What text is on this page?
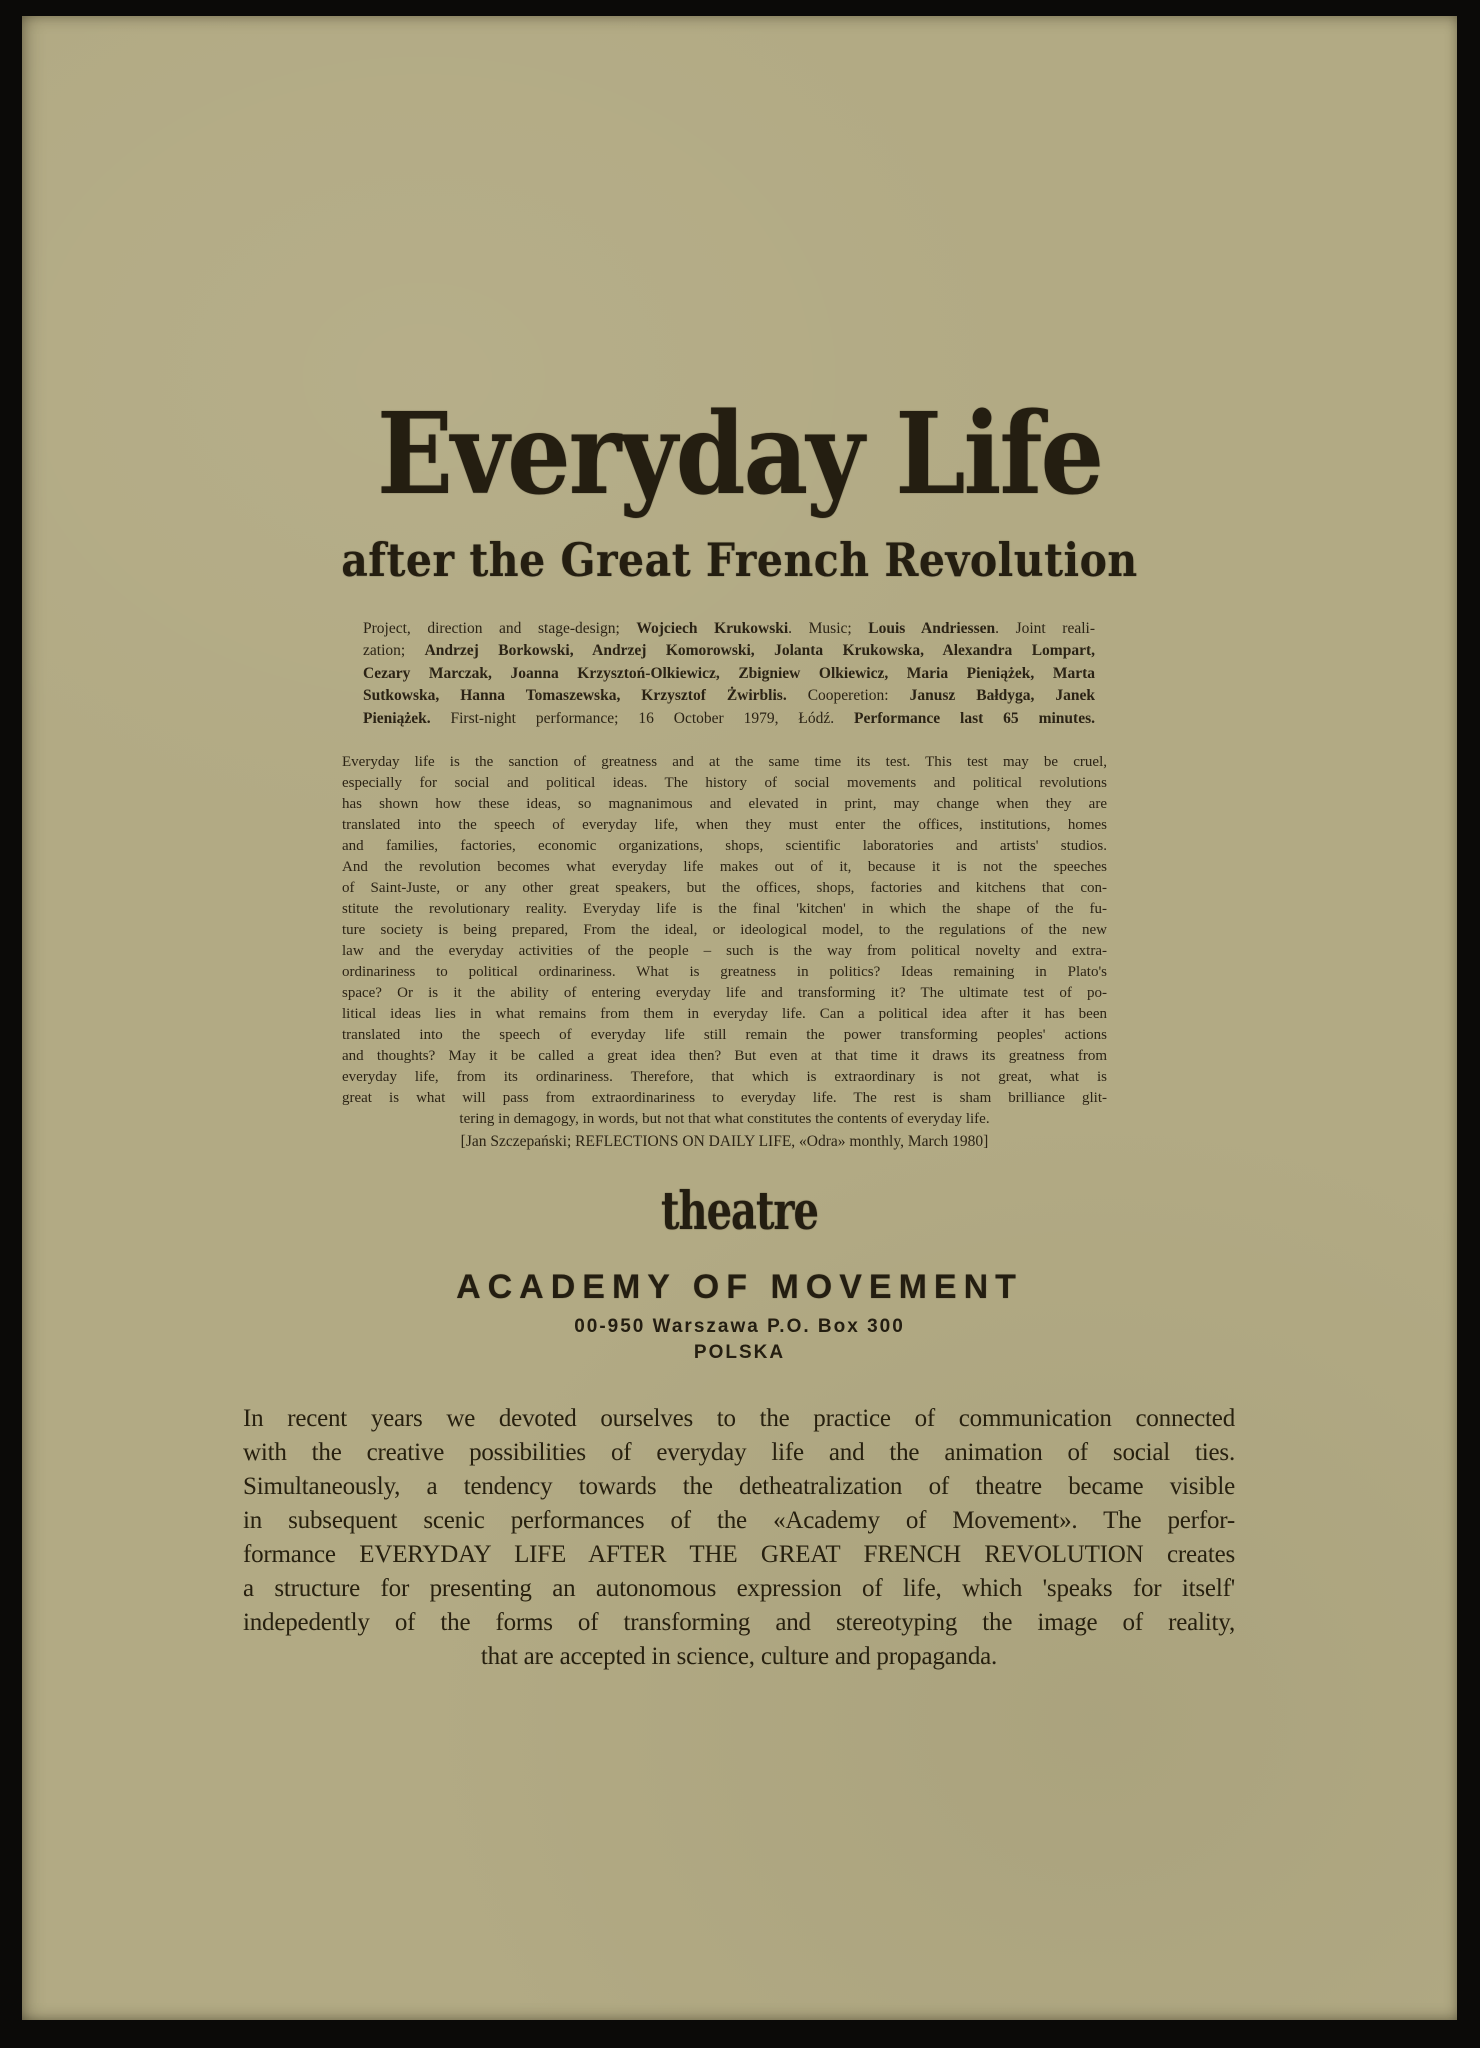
Everyday Life
after the Great French Revolution
Project, direction and stage-design; Wojciech Krukowski. Music; Louis Andriessen. Joint reali-
zation; Andrzej Borkowski, Andrzej Komorowski, Jolanta Krukowska, Alexandra Lompart,
Cezary Marczak, Joanna Krzysztoń-Olkiewicz, Zbigniew Olkiewicz, Maria Pieniążek, Marta
Sutkowska, Hanna Tomaszewska, Krzysztof Żwirblis. Cooperetion: Janusz Bałdyga, Janek
Pieniążek. First-night performance; 16 October 1979, Łódź. Performance last 65 minutes.
Everyday life is the sanction of greatness and at the same time its test. This test may be cruel,
especially for social and political ideas. The history of social movements and political revolutions
has shown how these ideas, so magnanimous and elevated in print, may change when they are
translated into the speech of everyday life, when they must enter the offices, institutions, homes
and families, factories, economic organizations, shops, scientific laboratories and artists' studios.
And the revolution becomes what everyday life makes out of it, because it is not the speeches
of Saint-Juste, or any other great speakers, but the offices, shops, factories and kitchens that con-
stitute the revolutionary reality. Everyday life is the final 'kitchen' in which the shape of the fu-
ture society is being prepared, From the ideal, or ideological model, to the regulations of the new
law and the everyday activities of the people – such is the way from political novelty and extra-
ordinariness to political ordinariness. What is greatness in politics? Ideas remaining in Plato's
space? Or is it the ability of entering everyday life and transforming it? The ultimate test of po-
litical ideas lies in what remains from them in everyday life. Can a political idea after it has been
translated into the speech of everyday life still remain the power transforming peoples' actions
and thoughts? May it be called a great idea then? But even at that time it draws its greatness from
everyday life, from its ordinariness. Therefore, that which is extraordinary is not great, what is
great is what will pass from extraordinariness to everyday life. The rest is sham brilliance glit-
tering in demagogy, in words, but not that what constitutes the contents of everyday life.
[Jan Szczepański; REFLECTIONS ON DAILY LIFE, «Odra» monthly, March 1980]
theatre
ACADEMY OF MOVEMENT
00-950 Warszawa P.O. Box 300
POLSKA
In recent years we devoted ourselves to the practice of communication connected
with the creative possibilities of everyday life and the animation of social ties.
Simultaneously, a tendency towards the detheatralization of theatre became visible
in subsequent scenic performances of the «Academy of Movement». The perfor-
formance EVERYDAY LIFE AFTER THE GREAT FRENCH REVOLUTION creates
a structure for presenting an autonomous expression of life, which 'speaks for itself'
indepedently of the forms of transforming and stereotyping the image of reality,
that are accepted in science, culture and propaganda.
